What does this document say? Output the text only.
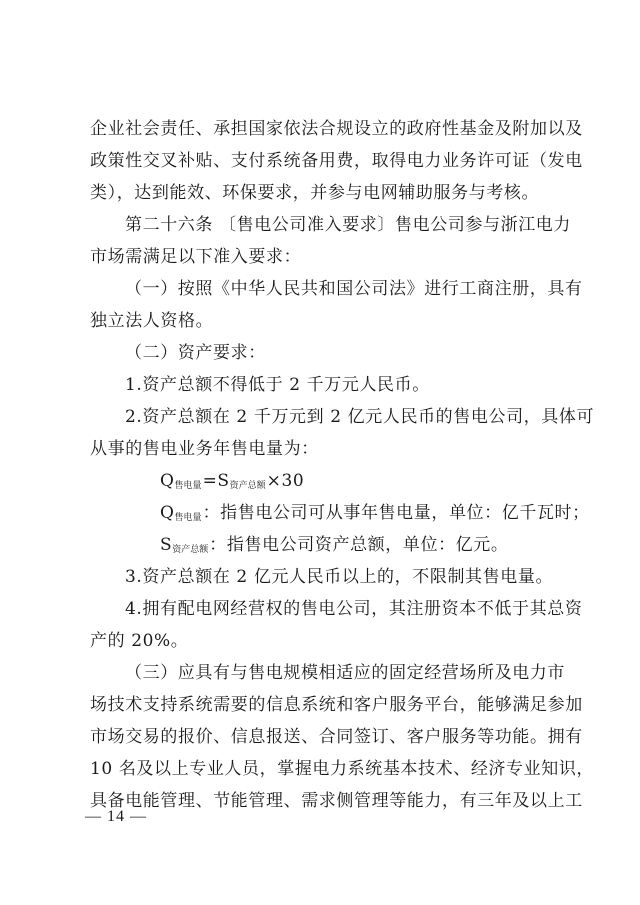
企业社会责任、承担国家依法合规设立的政府性基金及附加以及
政策性交叉补贴、支付系统备用费，取得电力业务许可证（发电
类），达到能效、环保要求，并参与电网辅助服务与考核。
第二十六条 〔售电公司准入要求〕售电公司参与浙江电力
市场需满足以下准入要求：
（一）按照《中华人民共和国公司法》进行工商注册，具有
独立法人资格。
（二）资产要求：
1.资产总额不得低于 2 千万元人民币。
2.资产总额在 2 千万元到 2 亿元人民币的售电公司，具体可
从事的售电业务年售电量为：
$Q_{售电量}=S_{资产总额}\times 30$
$Q_{售电量}$：指售电公司可从事年售电量，单位：亿千瓦时；
$S_{资产总额}$：指售电公司资产总额，单位：亿元。
3.资产总额在 2 亿元人民币以上的，不限制其售电量。
4.拥有配电网经营权的售电公司，其注册资本不低于其总资
产的 20%。
（三）应具有与售电规模相适应的固定经营场所及电力市
场技术支持系统需要的信息系统和客户服务平台，能够满足参加
市场交易的报价、信息报送、合同签订、客户服务等功能。拥有
10 名及以上专业人员，掌握电力系统基本技术、经济专业知识，
具备电能管理、节能管理、需求侧管理等能力，有三年及以上工
— 14 —
